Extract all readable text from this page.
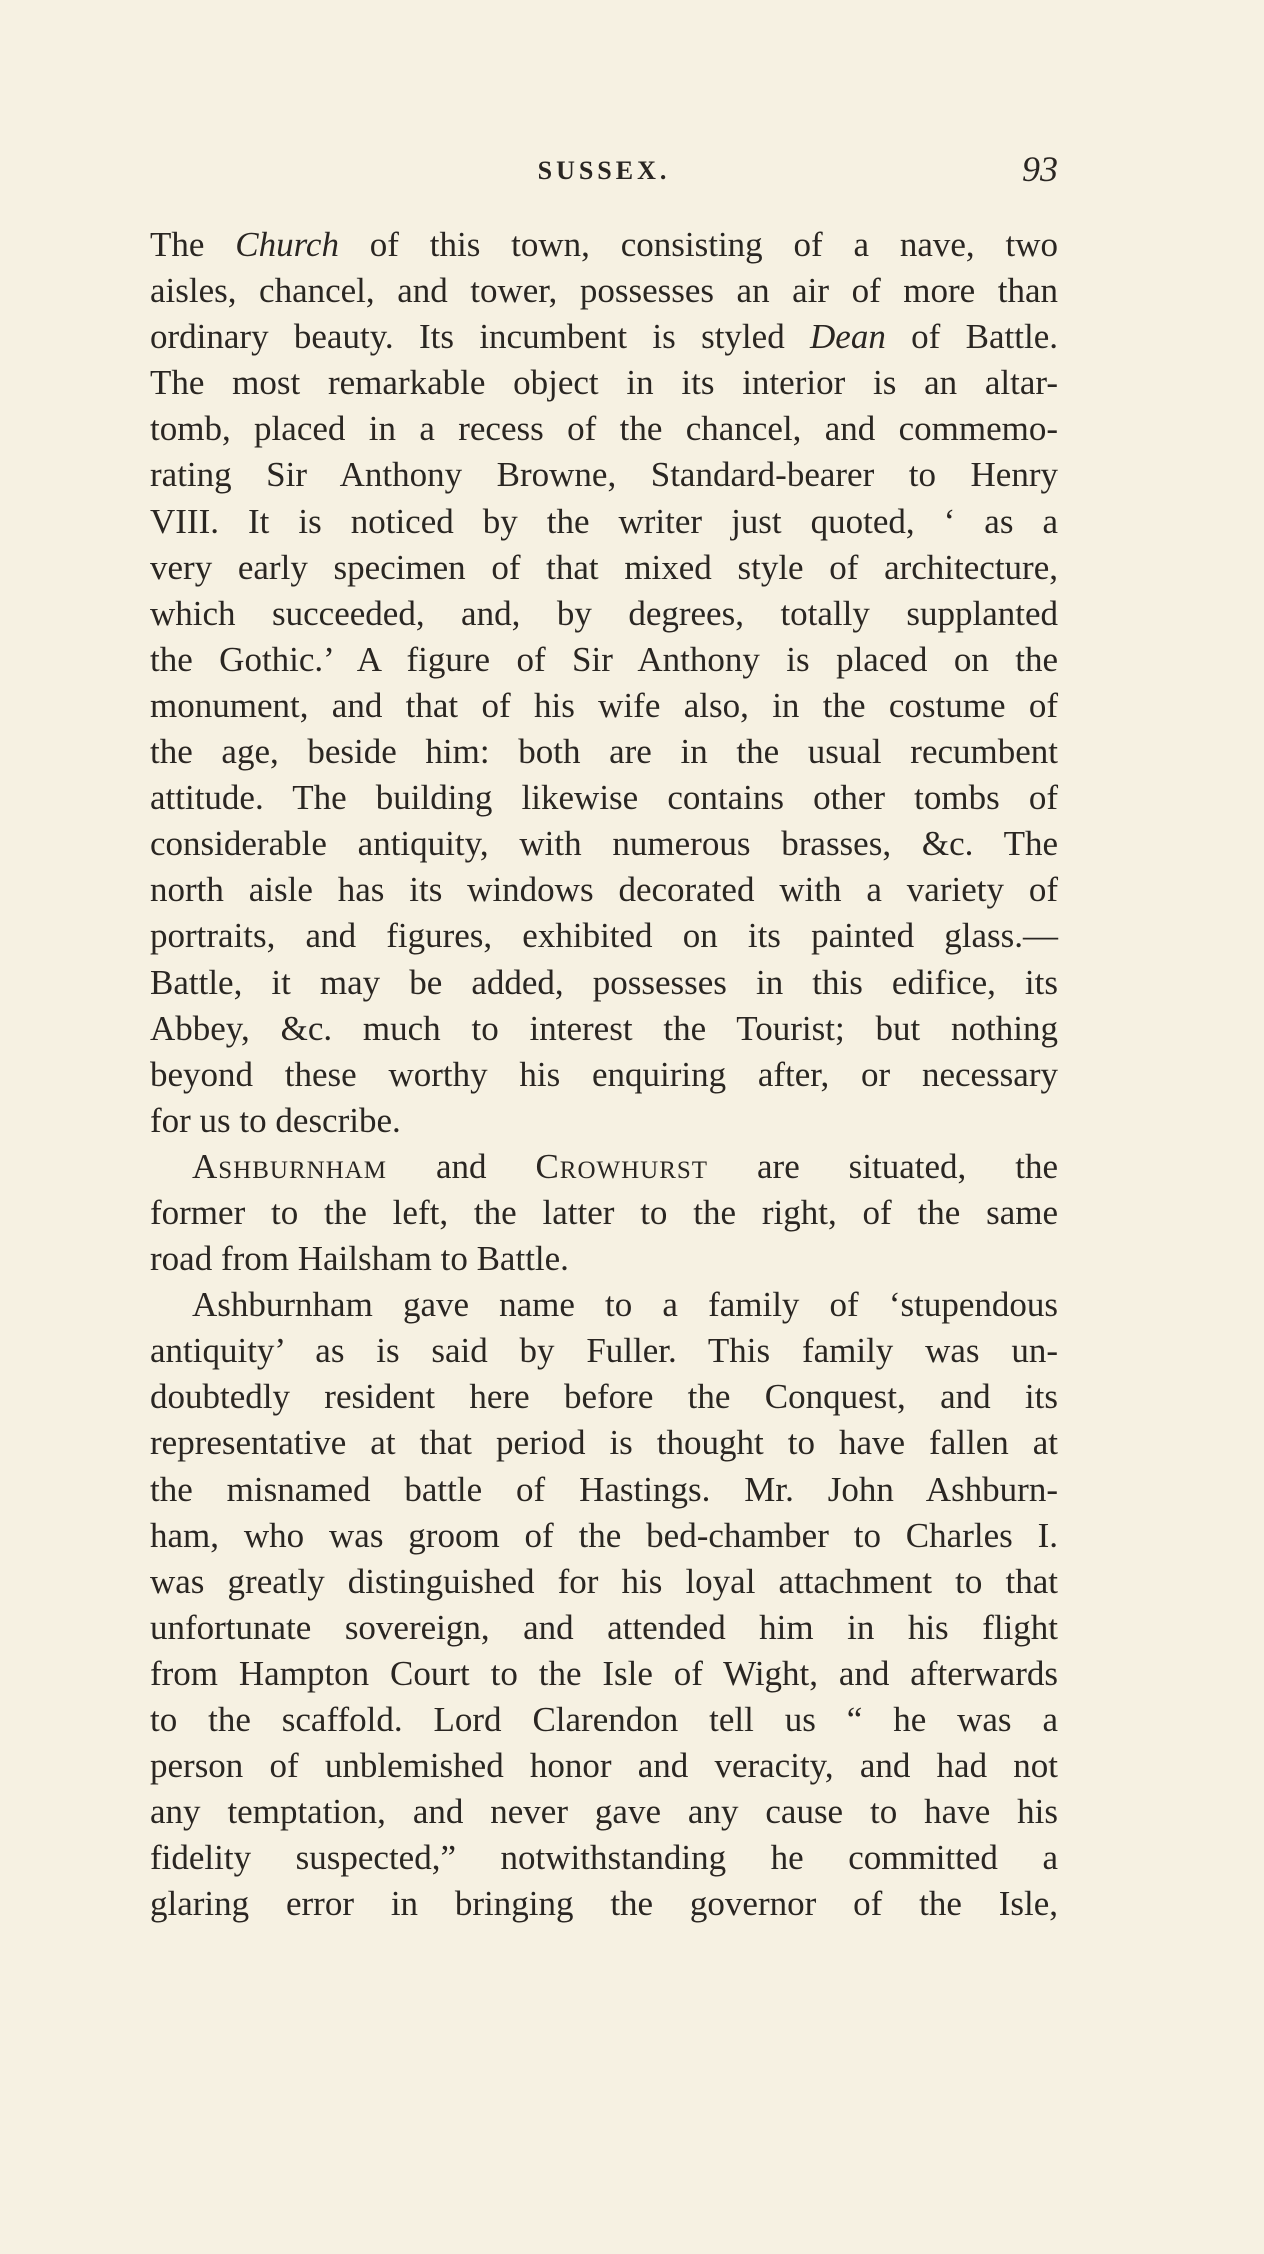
SUSSEX.	93
The Church of this town, consisting of a nave, two
aisles, chancel, and tower, possesses an air of more than
ordinary beauty. Its incumbent is styled Dean of Battle.
The most remarkable object in its interior is an altar-
tomb, placed in a recess of the chancel, and commemo-
rating Sir Anthony Browne, Standard-bearer to Henry
VIII. It is noticed by the writer just quoted, ‘ as a
very early specimen of that mixed style of architecture,
which succeeded, and, by degrees, totally supplanted
the Gothic.’ A figure of Sir Anthony is placed on the
monument, and that of his wife also, in the costume of
the age, beside him: both are in the usual recumbent
attitude. The building likewise contains other tombs of
considerable antiquity, with numerous brasses, &c. The
north aisle has its windows decorated with a variety of
portraits, and figures, exhibited on its painted glass.—
Battle, it may be added, possesses in this edifice, its
Abbey, &c. much to interest the Tourist; but nothing
beyond these worthy his enquiring after, or necessary
for us to describe.
Ashburnham and Crowhurst are situated, the
former to the left, the latter to the right, of the same
road from Hailsham to Battle.
Ashburnham gave name to a family of ‘stupendous
antiquity’ as is said by Fuller. This family was un-
doubtedly resident here before the Conquest, and its
representative at that period is thought to have fallen at
the misnamed battle of Hastings. Mr. John Ashburn-
ham, who was groom of the bed-chamber to Charles I.
was greatly distinguished for his loyal attachment to that
unfortunate sovereign, and attended him in his flight
from Hampton Court to the Isle of Wight, and afterwards
to the scaffold. Lord Clarendon tell us “ he was a
person of unblemished honor and veracity, and had not
any temptation, and never gave any cause to have his
fidelity suspected,” notwithstanding he committed a
glaring error in bringing the governor of the Isle,
